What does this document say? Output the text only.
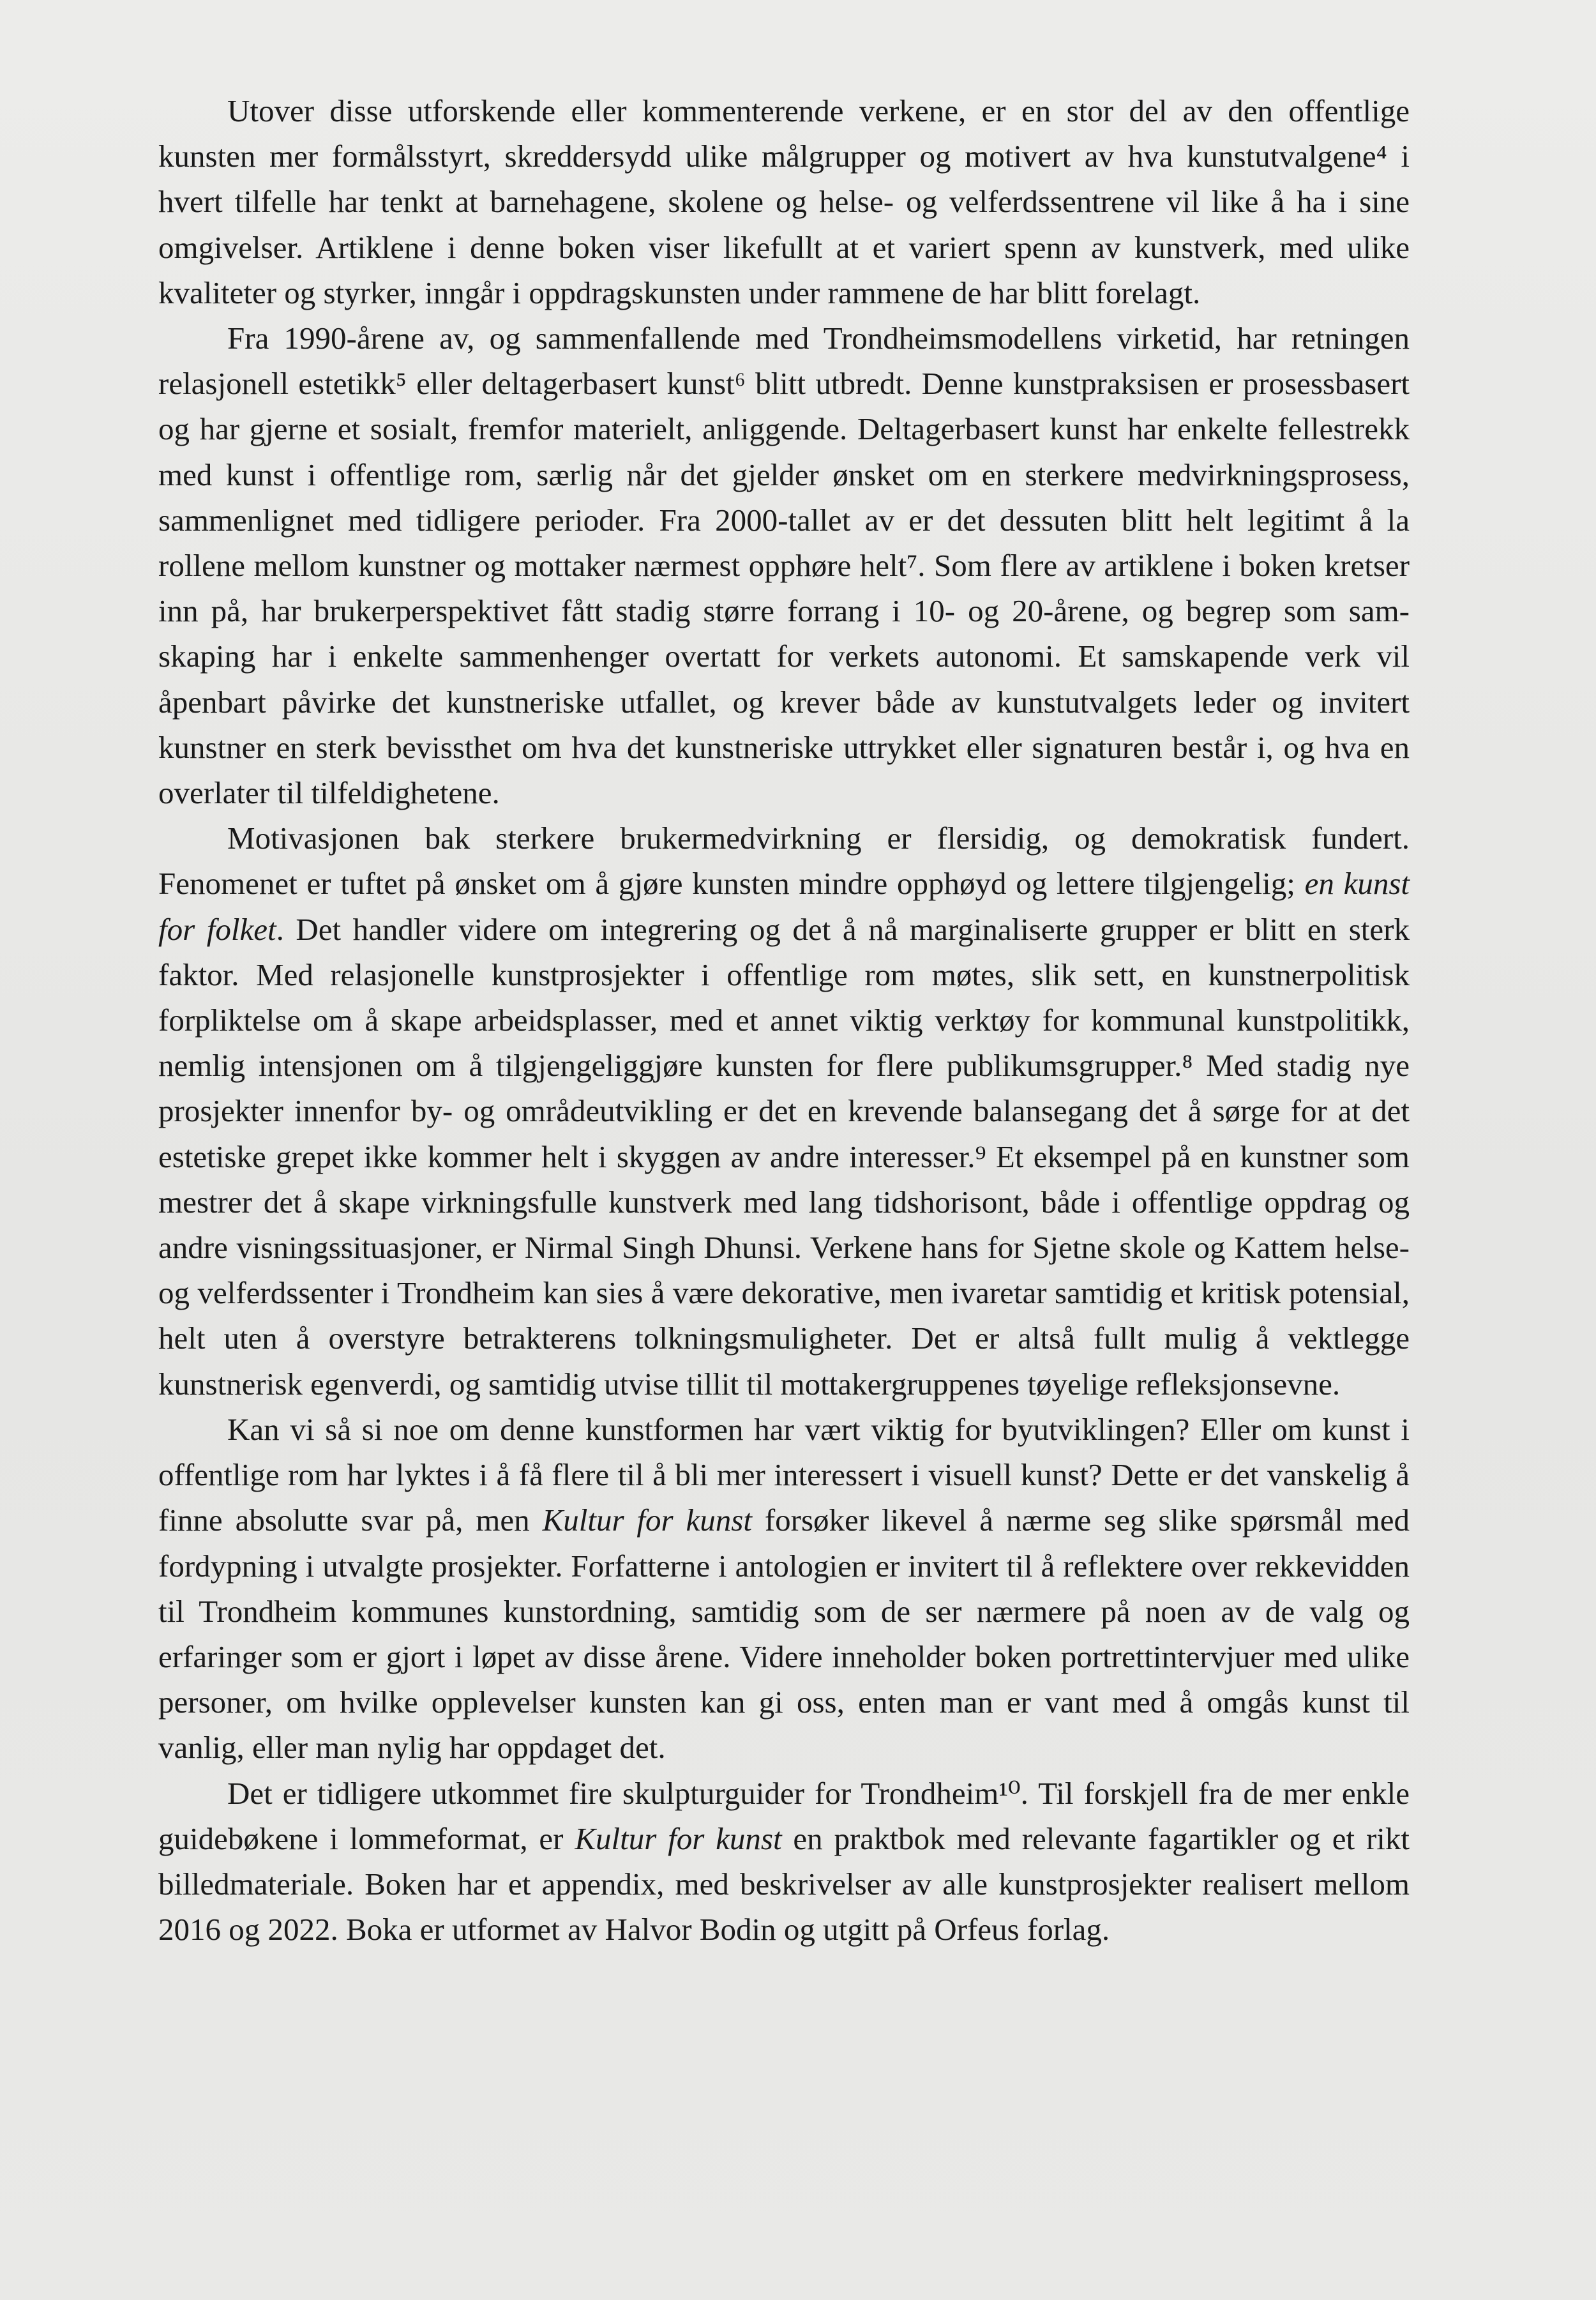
Utover disse utforskende eller kommenterende verkene, er en stor del av den offentlige kunsten mer formålsstyrt, skreddersydd ulike målgrupper og motivert av hva kunstutvalgene⁴ i hvert tilfelle har tenkt at barnehagene, skolene og helse- og velferdssentrene vil like å ha i sine omgivelser. Artiklene i denne boken viser likefullt at et variert spenn av kunstverk, med ulike kvaliteter og styrker, inngår i oppdragskunsten under rammene de har blitt forelagt.

Fra 1990-årene av, og sammenfallende med Trondheimsmodellens virketid, har retningen relasjonell estetikk⁵ eller deltagerbasert kunst⁶ blitt utbredt. Denne kunstpraksisen er prosessbasert og har gjerne et sosialt, fremfor materielt, anliggende. Deltagerbasert kunst har enkelte fellestrekk med kunst i offentlige rom, særlig når det gjelder ønsket om en sterkere medvirkningsprosess, sammenlignet med tidligere perioder. Fra 2000-tallet av er det dessuten blitt helt legitimt å la rollene mellom kunstner og mottaker nærmest opphøre helt⁷. Som flere av artiklene i boken kretser inn på, har brukerperspektivet fått stadig større forrang i 10- og 20-årene, og begrep som samskaping har i enkelte sammenhenger overtatt for verkets autonomi. Et samskapende verk vil åpenbart påvirke det kunstneriske utfallet, og krever både av kunstutvalgets leder og invitert kunstner en sterk bevissthet om hva det kunstneriske uttrykket eller signaturen består i, og hva en overlater til tilfeldighetene.

Motivasjonen bak sterkere brukermedvirkning er flersidig, og demokratisk fundert. Fenomenet er tuftet på ønsket om å gjøre kunsten mindre opphøyd og lettere tilgjengelig; en kunst for folket. Det handler videre om integrering og det å nå marginaliserte grupper er blitt en sterk faktor. Med relasjonelle kunstprosjekter i offentlige rom møtes, slik sett, en kunstnerpolitisk forpliktelse om å skape arbeidsplasser, med et annet viktig verktøy for kommunal kunstpolitikk, nemlig intensjonen om å tilgjengeliggjøre kunsten for flere publikumsgrupper.⁸ Med stadig nye prosjekter innenfor by- og områdeutvikling er det en krevende balansegang det å sørge for at det estetiske grepet ikke kommer helt i skyggen av andre interesser.⁹ Et eksempel på en kunstner som mestrer det å skape virkningsfulle kunstverk med lang tidshorisont, både i offentlige oppdrag og andre visningssituasjoner, er Nirmal Singh Dhunsi. Verkene hans for Sjetne skole og Kattem helse- og velferdssenter i Trondheim kan sies å være dekorative, men ivaretar samtidig et kritisk potensial, helt uten å overstyre betrakterens tolkningsmuligheter. Det er altså fullt mulig å vektlegge kunstnerisk egenverdi, og samtidig utvise tillit til mottakergruppenes tøyelige refleksjonsevne.

Kan vi så si noe om denne kunstformen har vært viktig for byutviklingen? Eller om kunst i offentlige rom har lyktes i å få flere til å bli mer interessert i visuell kunst? Dette er det vanskelig å finne absolutte svar på, men Kultur for kunst forsøker likevel å nærme seg slike spørsmål med fordypning i utvalgte prosjekter. Forfatterne i antologien er invitert til å reflektere over rekkevidden til Trondheim kommunes kunstordning, samtidig som de ser nærmere på noen av de valg og erfaringer som er gjort i løpet av disse årene. Videre inneholder boken portrettintervjuer med ulike personer, om hvilke opplevelser kunsten kan gi oss, enten man er vant med å omgås kunst til vanlig, eller man nylig har oppdaget det.

Det er tidligere utkommet fire skulpturguider for Trondheim¹⁰. Til forskjell fra de mer enkle guidebøkene i lommeformat, er Kultur for kunst en praktbok med relevante fagartikler og et rikt billedmateriale. Boken har et appendix, med beskrivelser av alle kunstprosjekter realisert mellom 2016 og 2022. Boka er utformet av Halvor Bodin og utgitt på Orfeus forlag.
